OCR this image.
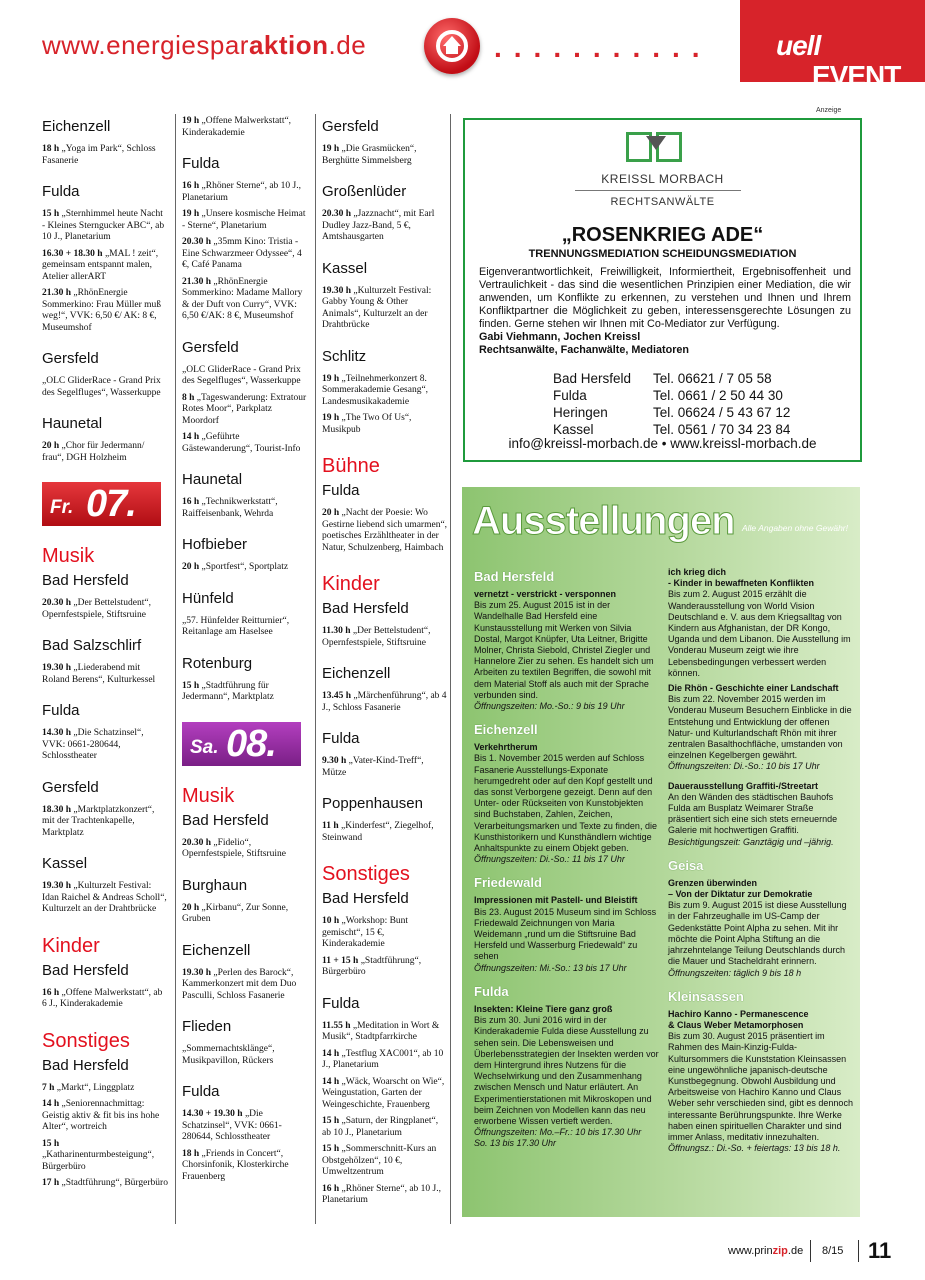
www.energiesparaktion.de	...........
EVENT
uell
Eichenzell
18 h „Yoga im Park“, Schloss Fasanerie
Fulda
15 h „Sternhimmel heute Nacht - Kleines Sterngucker ABC“, ab 10 J., Planetarium
16.30 + 18.30 h „MAL ! zeit“, gemeinsam entspannt malen, Atelier allerART
21.30 h „RhönEnergie Sommerkino: Frau Müller muß weg!“, VVK: 6,50 €/ AK: 8 €, Museumshof
Gersfeld
„OLC GliderRace - Grand Prix des Segelfluges“, Wasserkuppe
Haunetal
20 h „Chor für Jedermann/ frau“, DGH Holzheim
Fr. 07.
Musik
Bad Hersfeld
20.30 h „Der Bettelstudent“, Opernfestspiele, Stiftsruine
Bad Salzschlirf
19.30 h „Liederabend mit Roland Berens“, Kulturkessel
Fulda
14.30 h „Die Schatzinsel“, VVK: 0661-280644, Schlosstheater
Gersfeld
18.30 h „Marktplatzkonzert“, mit der Trachtenkapelle, Marktplatz
Kassel
19.30 h „Kulturzelt Festival: Idan Raichel & Andreas Scholl“, Kulturzelt an der Drahtbrücke
Kinder
Bad Hersfeld
16 h „Offene Malwerkstatt“, ab 6 J., Kinderakademie
Sonstiges
Bad Hersfeld
7 h „Markt“, Linggplatz
14 h „Seniorennachmittag: Geistig aktiv & fit bis ins hohe Alter“, wortreich
15 h „Katharinenturmbesteigung“, Bürgerbüro
17 h „Stadtführung“, Bürgerbüro
19 h „Offene Malwerkstatt“, Kinderakademie
Fulda
16 h „Rhöner Sterne“, ab 10 J., Planetarium
19 h „Unsere kosmische Heimat - Sterne“, Planetarium
20.30 h „35mm Kino: Tristia - Eine Schwarzmeer Odyssee“, 4 €, Café Panama
21.30 h „RhönEnergie Sommerkino: Madame Mallory & der Duft von Curry“, VVK: 6,50 €/AK: 8 €, Museumshof
Gersfeld
„OLC GliderRace - Grand Prix des Segelfluges“, Wasserkuppe
8 h „Tageswanderung: Extratour Rotes Moor“, Parkplatz Moordorf
14 h „Geführte Gästewanderung“, Tourist-Info
Haunetal
16 h „Technikwerkstatt“, Raiffeisenbank, Wehrda
Hofbieber
20 h „Sportfest“, Sportplatz
Hünfeld
„57. Hünfelder Reitturnier“, Reitanlage am Haselsee
Rotenburg
15 h „Stadtführung für Jedermann“, Marktplatz
Sa. 08.
Musik
Bad Hersfeld
20.30 h „Fidelio“, Opernfestspiele, Stiftsruine
Burghaun
20 h „Kirbanu“, Zur Sonne, Gruben
Eichenzell
19.30 h „Perlen des Barock“, Kammerkonzert mit dem Duo Pasculli, Schloss Fasanerie
Flieden
„Sommernachtsklänge“, Musikpavillon, Rückers
Fulda
14.30 + 19.30 h „Die Schatzinsel“, VVK: 0661-280644, Schlosstheater
18 h „Friends in Concert“, Chorsinfonik, Klosterkirche Frauenberg
Gersfeld
19 h „Die Grasmücken“, Berghütte Simmelsberg
Großenlüder
20.30 h „Jazznacht“, mit Earl Dudley Jazz-Band, 5 €, Amtshausgarten
Kassel
19.30 h „Kulturzelt Festival: Gabby Young & Other Animals“, Kulturzelt an der Drahtbrücke
Schlitz
19 h „Teilnehmerkonzert 8. Sommerakademie Gesang“, Landesmusikakademie
19 h „The Two Of Us“, Musikpub
Bühne
Fulda
20 h „Nacht der Poesie: Wo Gestirne liebend sich umarmen“, poetisches Erzähltheater in der Natur, Schulzenberg, Haimbach
Kinder
Bad Hersfeld
11.30 h „Der Bettelstudent“, Opernfestspiele, Stiftsruine
Eichenzell
13.45 h „Märchenführung“, ab 4 J., Schloss Fasanerie
Fulda
9.30 h „Vater-Kind-Treff“, Mütze
Poppenhausen
11 h „Kinderfest“, Ziegelhof, Steinwand
Sonstiges
Bad Hersfeld
10 h „Workshop: Bunt gemischt“, 15 €, Kinderakademie
11 + 15 h „Stadtführung“, Bürgerbüro
Fulda
11.55 h „Meditation in Wort & Musik“, Stadtpfarrkirche
14 h „Testflug XAC001“, ab 10 J., Planetarium
14 h „Wäck, Woarscht on Wie“, Weingustation, Garten der Weingeschichte, Frauenberg
15 h „Saturn, der Ringplanet“, ab 10 J., Planetarium
15 h „Sommerschnitt-Kurs an Obstgehölzen“, 10 €, Umweltzentrum
16 h „Rhöner Sterne“, ab 10 J., Planetarium
Anzeige
KREISSL MORBACH
RECHTSANWÄLTE
„ROSENKRIEG ADE“
TRENNUNGSMEDIATION SCHEIDUNGSMEDIATION
Eigenverantwortlichkeit, Freiwilligkeit, Informiertheit, Ergebnisoffenheit und Vertraulichkeit - das sind die wesentlichen Prinzipien einer Mediation, die wir anwenden, um Konflikte zu erkennen, zu verstehen und Ihnen und Ihrem Konfliktpartner die Möglichkeit zu geben, interessensgerechte Lösungen zu finden. Gerne stehen wir Ihnen mit Co-Mediator zur Verfügung.
Gabi Viehmann, Jochen Kreissl
Rechtsanwälte, Fachanwälte, Mediatoren
Bad Hersfeld	Tel. 06621 / 7 05 58
Fulda	Tel. 0661 / 2 50 44 30
Heringen	Tel. 06624 / 5 43 67 12
Kassel	Tel. 0561 / 70 34 23 84
info@kreissl-morbach.de • www.kreissl-morbach.de
Ausstellungen Alle Angaben ohne Gewähr!
Bad Hersfeld
vernetzt - verstrickt - versponnen
Bis zum 25. August 2015 ist in der Wandelhalle Bad Hersfeld eine Kunstausstellung mit Werken von Silvia Dostal, Margot Knüpfer, Uta Leitner, Brigitte Molner, Christa Siebold, Christel Ziegler und Hannelore Zier zu sehen. Es handelt sich um Arbeiten zu textilen Begriffen, die sowohl mit dem Material Stoff als auch mit der Sprache verbunden sind.
Öffnungszeiten: Mo.-So.: 9 bis 19 Uhr
Eichenzell
Verkehrtherum
Bis 1. November 2015 werden auf Schloss Fasanerie Ausstellungs-Exponate herumgedreht oder auf den Kopf gestellt und das sonst Verborgene gezeigt. Denn auf den Unter- oder Rückseiten von Kunstobjekten sind Buchstaben, Zahlen, Zeichen, Verarbeitungsmarken und Texte zu finden, die Kunsthistorikern und Kunsthändlern wichtige Anhaltspunkte zu einem Objekt geben.
Öffnungszeiten: Di.-So.: 11 bis 17 Uhr
Friedewald
Impressionen mit Pastell- und Bleistift
Bis 23. August 2015 Museum sind im Schloss Friedewald Zeichnungen von Maria Weidemann „rund um die Stiftsruine Bad Hersfeld und Wasserburg Friedewald“ zu sehen
Öffnungszeiten: Mi.-So.: 13 bis 17 Uhr
Fulda
Insekten: Kleine Tiere ganz groß
Bis zum 30. Juni 2016 wird in der Kinderakademie Fulda diese Ausstellung zu sehen sein. Die Lebensweisen und Überlebensstrategien der Insekten werden vor dem Hintergrund ihres Nutzens für die Wechselwirkung und den Zusammenhang zwischen Mensch und Natur erläutert. An Experimentierstationen mit Mikroskopen und beim Zeichnen von Modellen kann das neu erworbene Wissen vertieft werden.
Öffnungszeiten: Mo.–Fr.: 10 bis 17.30 Uhr
So. 13 bis 17.30 Uhr
ich krieg dich
- Kinder in bewaffneten Konflikten
Bis zum 2. August 2015 erzählt die Wanderausstellung von World Vision Deutschland e. V. aus dem Kriegsalltag von Kindern aus Afghanistan, der DR Kongo, Uganda und dem Libanon. Die Ausstellung im Vonderau Museum zeigt wie ihre Lebensbedingungen verbessert werden können.
Die Rhön - Geschichte einer Landschaft
Bis zum 22. November 2015 werden im Vonderau Museum Besuchern Einblicke in die Entstehung und Entwicklung der offenen Natur- und Kulturlandschaft Rhön mit ihrer zentralen Basalthochfläche, umstanden von einzelnen Kegelbergen gewährt.
Öffnungszeiten: Di.-So.: 10 bis 17 Uhr
Dauerausstellung Graffiti-/Streetart
An den Wänden des städtischen Bauhofs Fulda am Busplatz Weimarer Straße präsentiert sich eine sich stets erneuernde Galerie mit hochwertigen Graffiti.
Besichtigungszeit: Ganztägig und –jährig.
Geisa
Grenzen überwinden
– Von der Diktatur zur Demokratie
Bis zum 9. August 2015 ist diese Ausstellung in der Fahrzeughalle im US-Camp der Gedenkstätte Point Alpha zu sehen. Mit ihr möchte die Point Alpha Stiftung an die jahrzehntelange Teilung Deutschlands durch die Mauer und Stacheldraht erinnern.
Öffnungszeiten: täglich 9 bis 18 h
Kleinsassen
Hachiro Kanno - Permanescence
& Claus Weber Metamorphosen
Bis zum 30. August 2015 präsentiert im Rahmen des Main-Kinzig-Fulda-Kultursommers die Kunststation Kleinsassen eine ungewöhnliche japanisch-deutsche Kunstbegegnung. Obwohl Ausbildung und Arbeitsweise von Hachiro Kanno und Claus Weber sehr verschieden sind, gibt es dennoch interessante Berührungspunkte. Ihre Werke haben einen spirituellen Charakter und sind immer Anlass, meditativ innezuhalten.
Öffnungsz.: Di.-So. + feiertags: 13 bis 18 h.
www.prinzip.de 8/15 11
